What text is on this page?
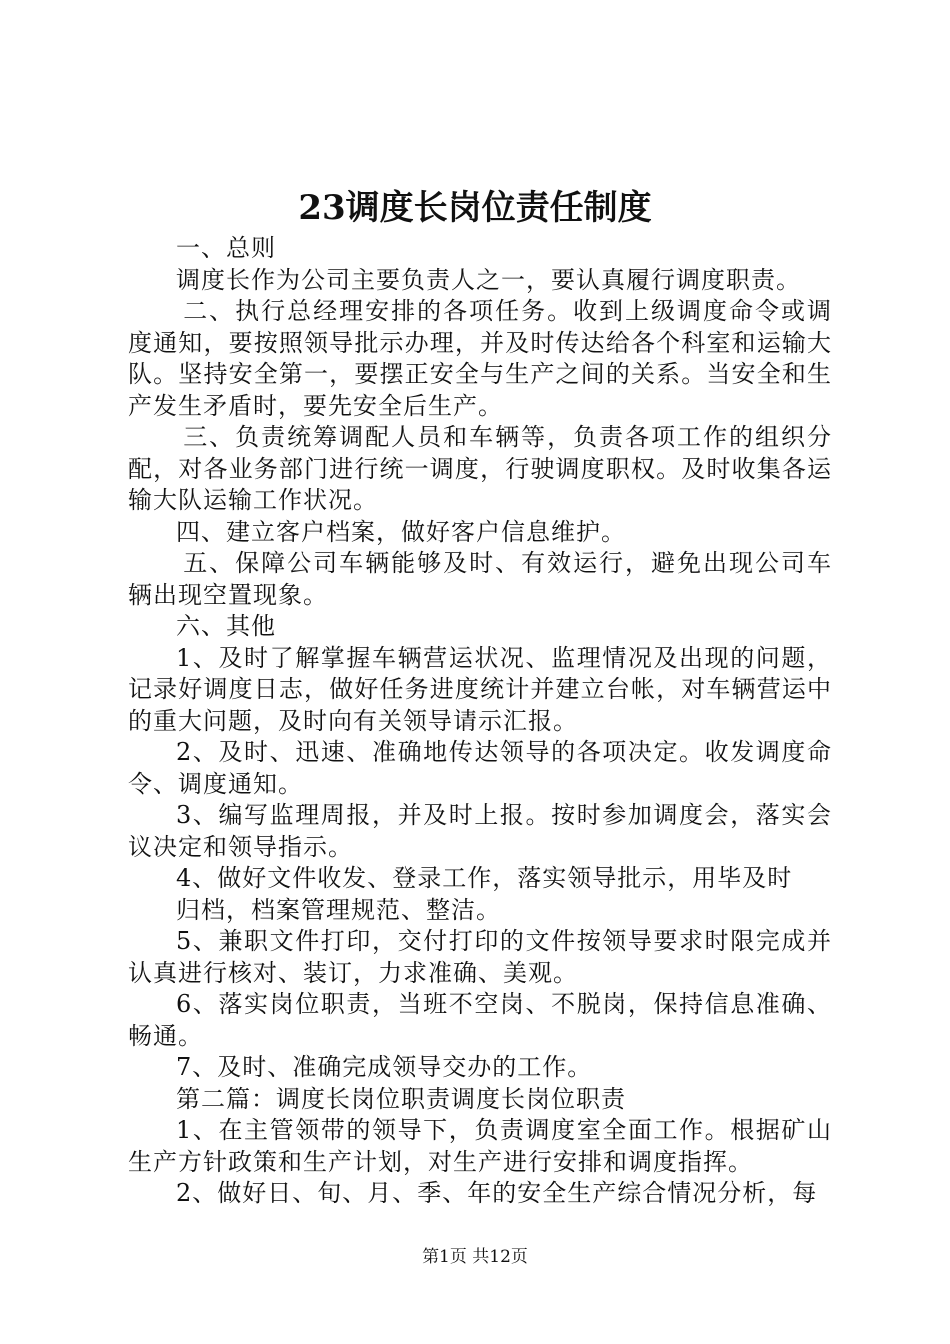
23调度长岗位责任制度

一、总则

调度长作为公司主要负责人之一，要认真履行调度职责。

二、执行总经理安排的各项任务。收到上级调度命令或调度通知，要按照领导批示办理，并及时传达给各个科室和运输大队。坚持安全第一，要摆正安全与生产之间的关系。当安全和生产发生矛盾时，要先安全后生产。

三、负责统筹调配人员和车辆等，负责各项工作的组织分配，对各业务部门进行统一调度，行驶调度职权。及时收集各运输大队运输工作状况。

四、建立客户档案，做好客户信息维护。

五、保障公司车辆能够及时、有效运行，避免出现公司车辆出现空置现象。

六、其他

1、及时了解掌握车辆营运状况、监理情况及出现的问题，记录好调度日志，做好任务进度统计并建立台帐，对车辆营运中的重大问题，及时向有关领导请示汇报。

2、及时、迅速、准确地传达领导的各项决定。收发调度命令、调度通知。

3、编写监理周报，并及时上报。按时参加调度会，落实会议决定和领导指示。

4、做好文件收发、登录工作，落实领导批示，用毕及时

归档，档案管理规范、整洁。

5、兼职文件打印，交付打印的文件按领导要求时限完成并认真进行核对、装订，力求准确、美观。

6、落实岗位职责，当班不空岗、不脱岗，保持信息准确、畅通。

7、及时、准确完成领导交办的工作。

第二篇：调度长岗位职责调度长岗位职责

1、在主管领带的领导下，负责调度室全面工作。根据矿山生产方针政策和生产计划，对生产进行安排和调度指挥。

2、做好日、旬、月、季、年的安全生产综合情况分析，每

第1页 共12页
